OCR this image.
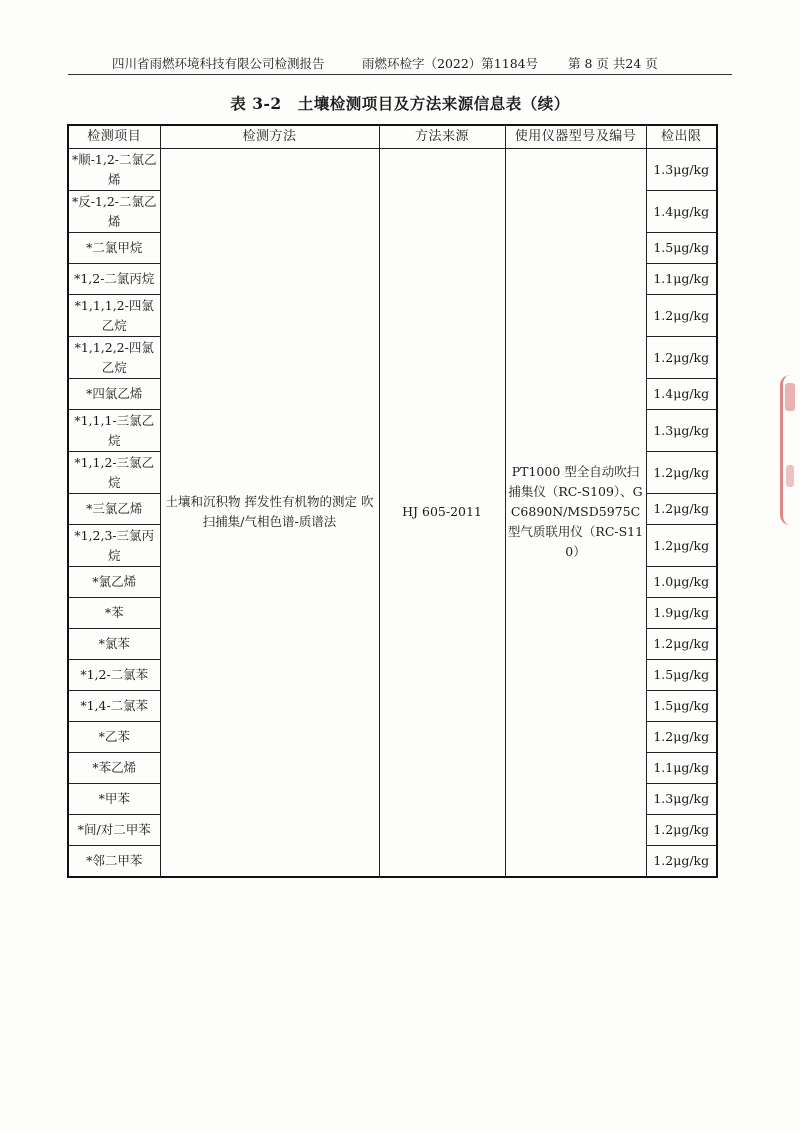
四川省雨燃环境科技有限公司检测报告	雨燃环检字（2022）第1184号 第 8 页 共24 页
表 3-2　土壤检测项目及方法来源信息表（续）
检测项目	检测方法	方法来源	使用仪器型号及编号	检出限
*顺-1,2-二氯乙烯	土壤和沉积物 挥发性有机物的测定 吹扫捕集/气相色谱-质谱法	HJ 605-2011	PT1000 型全自动吹扫捕集仪（RC-S109）、GC6890N/MSD5975C 型气质联用仪（RC-S110）	1.3μg/kg
*反-1,2-二氯乙烯	1.4μg/kg
*二氯甲烷	1.5μg/kg
*1,2-二氯丙烷	1.1μg/kg
*1,1,1,2-四氯乙烷	1.2μg/kg
*1,1,2,2-四氯乙烷	1.2μg/kg
*四氯乙烯	1.4μg/kg
*1,1,1-三氯乙烷	1.3μg/kg
*1,1,2-三氯乙烷	1.2μg/kg
*三氯乙烯	1.2μg/kg
*1,2,3-三氯丙烷	1.2μg/kg
*氯乙烯	1.0μg/kg
*苯	1.9μg/kg
*氯苯	1.2μg/kg
*1,2-二氯苯	1.5μg/kg
*1,4-二氯苯	1.5μg/kg
*乙苯	1.2μg/kg
*苯乙烯	1.1μg/kg
*甲苯	1.3μg/kg
*间/对二甲苯	1.2μg/kg
*邻二甲苯	1.2μg/kg
